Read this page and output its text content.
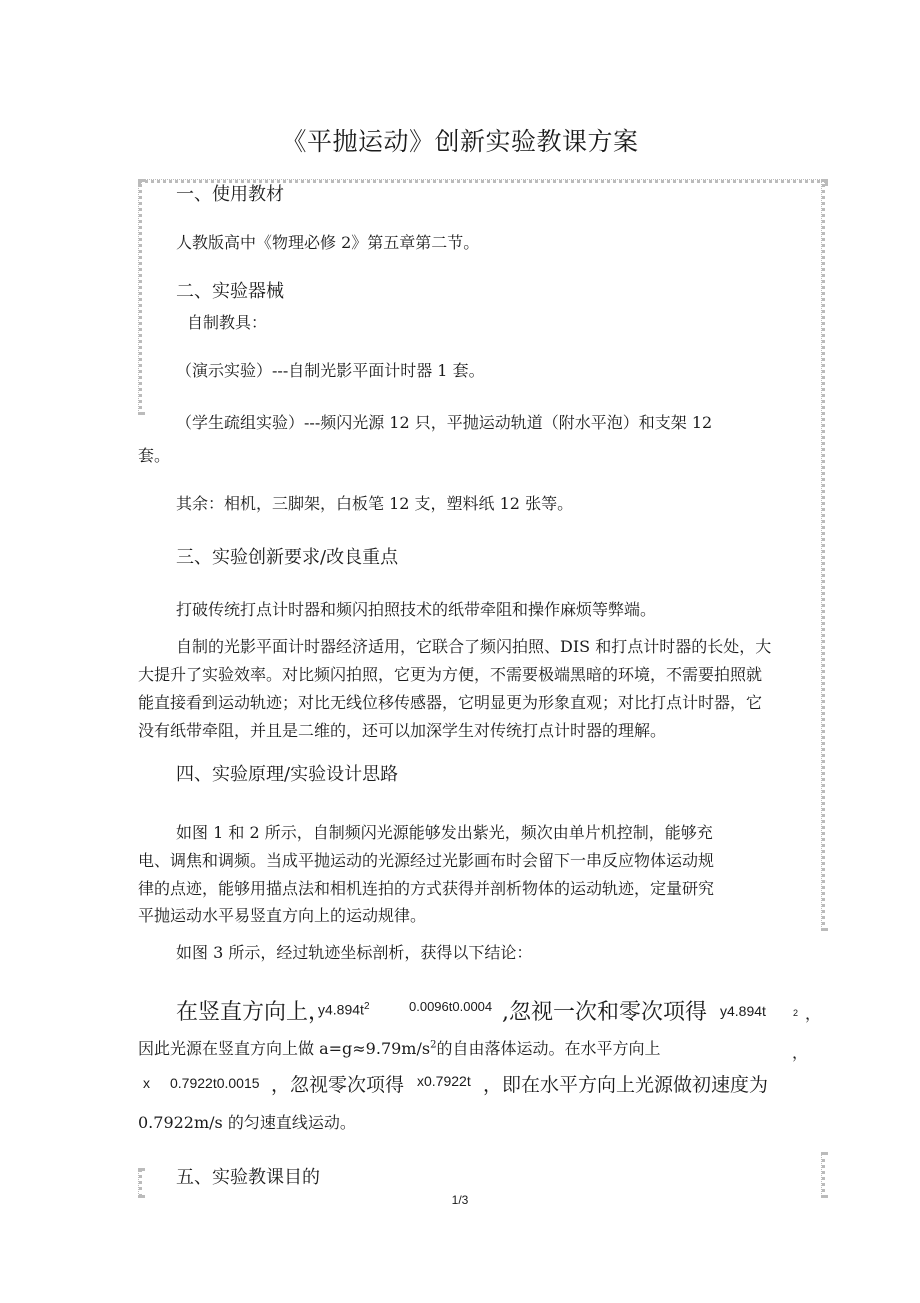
《平抛运动》创新实验教课方案
一、使用教材
人教版高中《物理必修 2》第五章第二节。
二、实验器械
自制教具：
（演示实验）---自制光影平面计时器 1 套。
（学生疏组实验）---频闪光源 12 只，平抛运动轨道（附水平泡）和支架 12
套。
其余：相机，三脚架，白板笔 12 支，塑料纸 12 张等。
三、实验创新要求/改良重点
打破传统打点计时器和频闪拍照技术的纸带牵阻和操作麻烦等弊端。
自制的光影平面计时器经济适用，它联合了频闪拍照、DIS 和打点计时器的长处，大
大提升了实验效率。对比频闪拍照，它更为方便，不需要极端黑暗的环境，不需要拍照就
能直接看到运动轨迹；对比无线位移传感器，它明显更为形象直观；对比打点计时器，它
没有纸带牵阻，并且是二维的，还可以加深学生对传统打点计时器的理解。
四、实验原理/实验设计思路
如图 1 和 2 所示，自制频闪光源能够发出紫光，频次由单片机控制，能够充
电、调焦和调频。当成平抛运动的光源经过光影画布时会留下一串反应物体运动规
律的点迹，能够用描点法和相机连拍的方式获得并剖析物体的运动轨迹，定量研究
平抛运动水平易竖直方向上的运动规律。
如图 3 所示，经过轨迹坐标剖析，获得以下结论：
在竖直方向上，
$y4.894t^2$	0.0096t0.0004 ,忽视一次和零次项得 y4.894t	2 ，
因此光源在竖直方向上做 $a=g\approx 9.79m/s^2$的自由落体运动。在水平方向上	，
x 0.7922t0.0015 ，忽视零次项得 x0.7922t ，即在水平方向上光源做初速度为
0.7922m/s 的匀速直线运动。
五、实验教课目的
1/3
